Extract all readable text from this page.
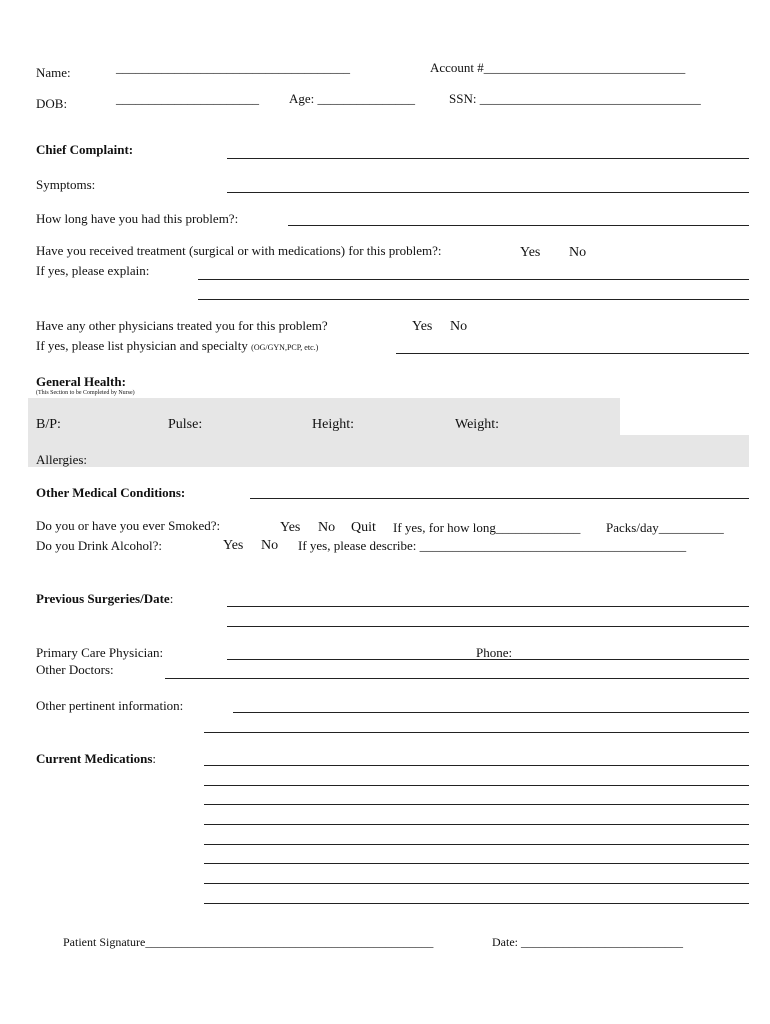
Name:	____________________________________	Account #_______________________________
DOB:	______________________ Age: _______________	SSN: __________________________________
Chief Complaint:
Symptoms:
How long have you had this problem?:
Have you received treatment (surgical or with medications) for this problem?:	Yes No
If yes, please explain:
Have any other physicians treated you for this problem?	Yes No
If yes, please list physician and specialty (OG/GYN,PCP, etc.)
General Health:
(This Section to be Completed by Nurse)
B/P:	Pulse:	Height:	Weight:
Allergies:
Other Medical Conditions:
Do you or have you ever Smoked?:	Yes No Quit If yes, for how long_____________ Packs/day__________
Do you Drink Alcohol?:	Yes No If yes, please describe: _________________________________________
Previous Surgeries/Date:
Primary Care Physician:	Phone:
Other Doctors:
Other pertinent information:
Current Medications:
Patient Signature________________________________________________	Date: ___________________________
